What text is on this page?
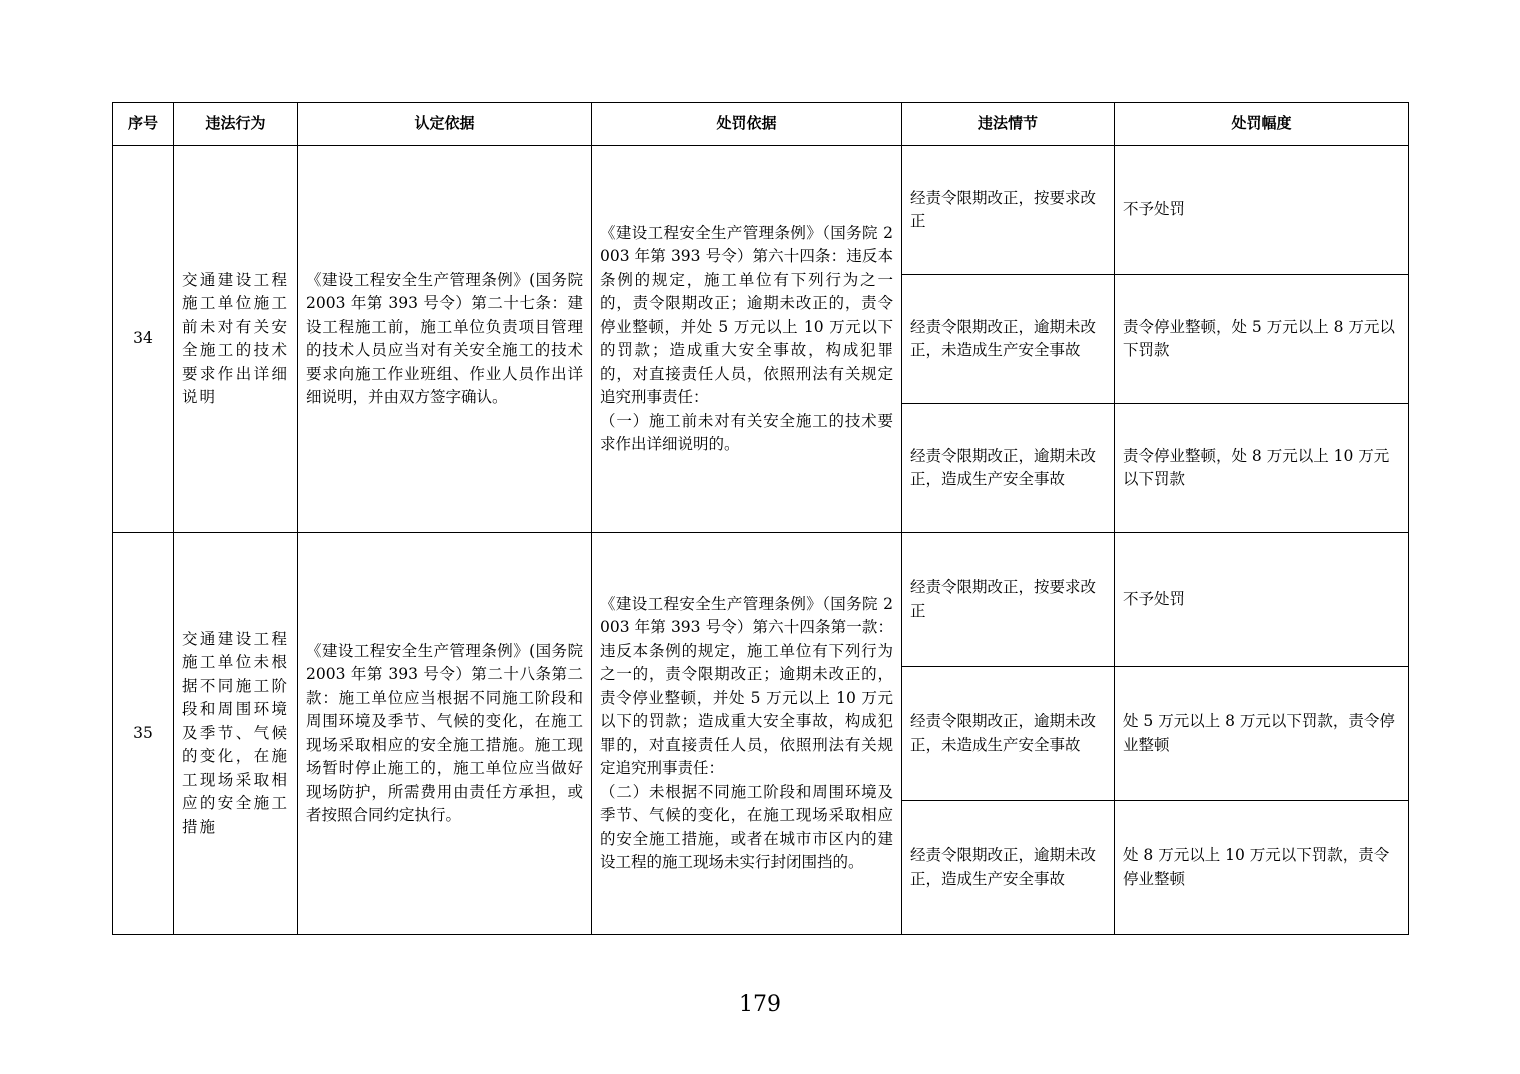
序号	违法行为	认定依据	处罚依据	违法情节	处罚幅度
34	交通建设工程施工单位施工前未对有关安全施工的技术要求作出详细说明	《建设工程安全生产管理条例》(国务院 2003 年第 393 号令）第二十七条：建设工程施工前，施工单位负责项目管理的技术人员应当对有关安全施工的技术要求向施工作业班组、作业人员作出详细说明，并由双方签字确认。	《建设工程安全生产管理条例》（国务院 2003 年第 393 号令）第六十四条：违反本条例的规定，施工单位有下列行为之一的，责令限期改正；逾期未改正的，责令停业整顿，并处 5 万元以上 10 万元以下的罚款；造成重大安全事故，构成犯罪的，对直接责任人员，依照刑法有关规定追究刑事责任：
（一）施工前未对有关安全施工的技术要求作出详细说明的。	经责令限期改正，按要求改正	不予处罚
				经责令限期改正，逾期未改正，未造成生产安全事故	责令停业整顿，处 5 万元以上 8 万元以下罚款
				经责令限期改正，逾期未改正，造成生产安全事故	责令停业整顿，处 8 万元以上 10 万元以下罚款
35	交通建设工程施工单位未根据不同施工阶段和周围环境及季节、气候的变化，在施工现场采取相应的安全施工措施	《建设工程安全生产管理条例》(国务院 2003 年第 393 号令）第二十八条第二款：施工单位应当根据不同施工阶段和周围环境及季节、气候的变化，在施工现场采取相应的安全施工措施。施工现场暂时停止施工的，施工单位应当做好现场防护，所需费用由责任方承担，或者按照合同约定执行。	《建设工程安全生产管理条例》（国务院 2003 年第 393 号令）第六十四条第一款：违反本条例的规定，施工单位有下列行为之一的，责令限期改正；逾期未改正的，责令停业整顿，并处 5 万元以上 10 万元以下的罚款；造成重大安全事故，构成犯罪的，对直接责任人员，依照刑法有关规定追究刑事责任：
（二）未根据不同施工阶段和周围环境及季节、气候的变化，在施工现场采取相应的安全施工措施，或者在城市市区内的建设工程的施工现场未实行封闭围挡的。	经责令限期改正，按要求改正	不予处罚
				经责令限期改正，逾期未改正，未造成生产安全事故	处 5 万元以上 8 万元以下罚款，责令停业整顿
				经责令限期改正，逾期未改正，造成生产安全事故	处 8 万元以上 10 万元以下罚款，责令停业整顿
179
